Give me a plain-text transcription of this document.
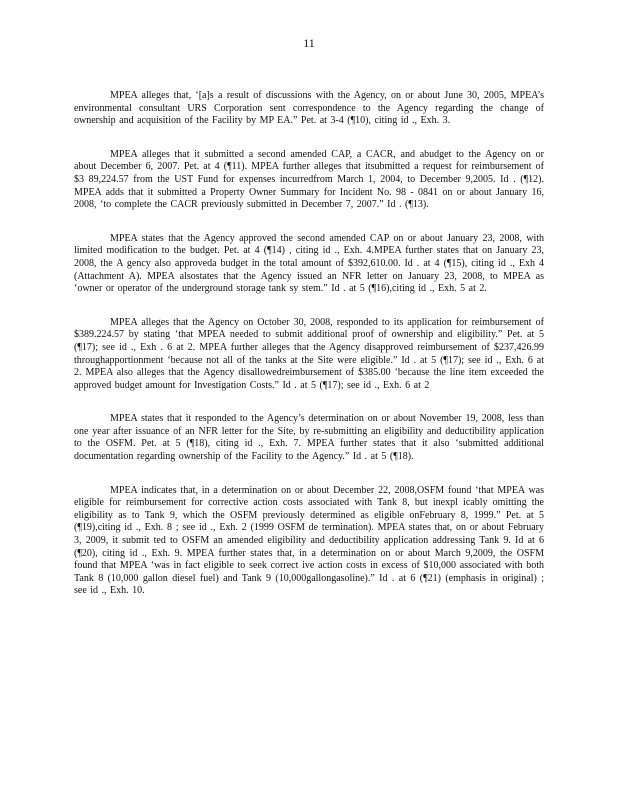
11

MPEA alleges that, ‘[a]s a result of discussions with the Agency, on or about June 30, 2005, MPEA’s environmental consultant URS Corporation sent correspondence to the Agency regarding the change of ownership and acquisition of the Facility by MP EA.” Pet. at 3-4 (¶10), citing id ., Exh. 3.

MPEA alleges that it submitted a second amended CAP, a CACR, and abudget to the Agency on or about December 6, 2007. Pet. at 4 (¶11). MPEA further alleges that itsubmitted a request for reimbursement of $3 89,224.57 from the UST Fund for expenses incurredfrom March 1, 2004, to December 9,2005. Id . (¶12). MPEA adds that it submitted a Property Owner Summary for Incident No. 98 - 0841 on or about January 16, 2008, ‘to complete the CACR previously submitted in December 7, 2007.” Id . (¶13).

MPEA states that the Agency approved the second amended CAP on or about January 23, 2008, with limited modification to the budget. Pet. at 4 (¶14) , citing id ., Exh. 4.MPEA further states that on January 23, 2008, the A gency also approveda budget in the total amount of $392,610.00. Id . at 4 (¶15), citing id ., Exh 4 (Attachment A). MPEA alsostates that the Agency issued an NFR letter on January 23, 2008, to MPEA as ‘owner or operator of the underground storage tank sy stem.” Id . at 5 (¶16),citing id ., Exh. 5 at 2.

MPEA alleges that the Agency on October 30, 2008, responded to its application for reimbursement of $389.224.57 by stating ‘that MPEA needed to submit additional proof of ownership and eligibility.” Pet. at 5 (¶17); see id ., Exh . 6 at 2. MPEA further alleges that the Agency disapproved reimbursement of $237,426.99 throughapportionment ‘because not all of the tanks at the Site were eligible.” Id . at 5 (¶17); see id ., Exh. 6 at 2. MPEA also alleges that the Agency disallowedreimbursement of $385.00 ‘because the line item exceeded the approved budget amount for Investigation Costs.” Id . at 5 (¶17); see id ., Exh. 6 at 2

MPEA states that it responded to the Agency’s determination on or about November 19, 2008, less than one year after issuance of an NFR letter for the Site, by re-submitting an eligibility and deductibility application to the OSFM. Pet. at 5 (¶18), citing id ., Exh. 7. MPEA further states that it also ‘submitted additional documentation regarding ownership of the Facility to the Agency.” Id . at 5 (¶18).

MPEA indicates that, in a determination on or about December 22, 2008,OSFM found ‘that MPEA was eligible for reimbursement for corrective action costs associated with Tank 8, but inexpl icably omitting the eligibility as to Tank 9, which the OSFM previously determined as eligible onFebruary 8, 1999.” Pet. at 5 (¶19),citing id ., Exh. 8 ; see id ., Exh. 2 (1999 OSFM de termination). MPEA states that, on or about February 3, 2009, it submit ted to OSFM an amended eligibility and deductibility application addressing Tank 9. Id at 6 (¶20), citing id ., Exh. 9. MPEA further states that, in a determination on or about March 9,2009, the OSFM found that MPEA ‘was in fact eligible to seek correct ive action costs in excess of $10,000 associated with both Tank 8 (10,000 gallon diesel fuel) and Tank 9 (10,000gallongasoline).” Id . at 6 (¶21) (emphasis in original) ; see id ., Exh. 10.
